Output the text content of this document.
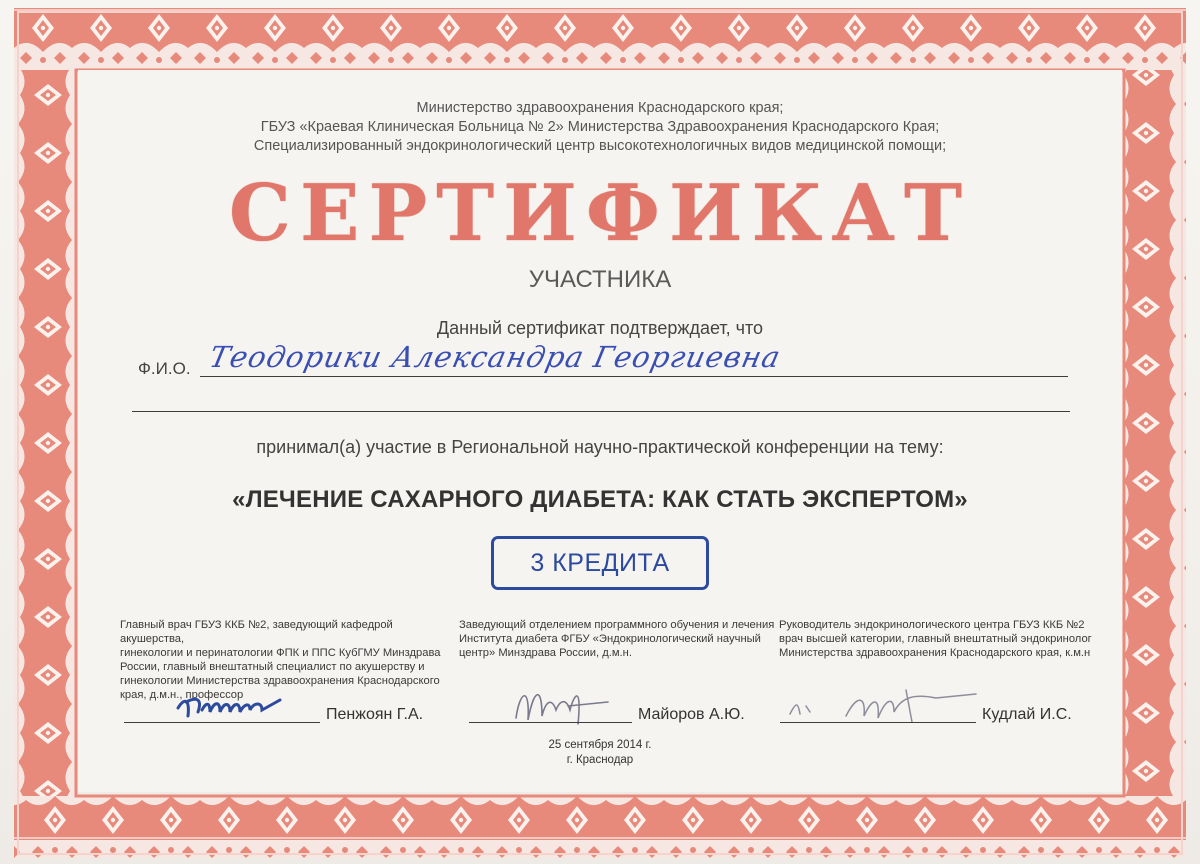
Министерство здравоохранения Краснодарского края;
ГБУЗ «Краевая Клиническая Больница № 2» Министерства Здравоохранения Краснодарского Края;
Специализированный эндокринологический центр высокотехнологичных видов медицинской помощи;
СЕРТИФИКАТ
УЧАСТНИКА
Данный сертификат подтверждает, что
Ф.И.О. Теодорики Александра Георгиевна
принимал(а) участие в Региональной научно-практической конференции на тему:
«ЛЕЧЕНИЕ САХАРНОГО ДИАБЕТА: КАК СТАТЬ ЭКСПЕРТОМ»
3 КРЕДИТА
Главный врач ГБУЗ ККБ №2, заведующий кафедрой акушерства,
гинекологии и перинатологии ФПК и ППС КубГМУ Минздрава
России, главный внештатный специалист по акушерству и
гинекологии Министерства здравоохранения Краснодарского
края, д.м.н., профессор
Пенжоян Г.А.
Заведующий отделением программного обучения и лечения
Института диабета ФГБУ «Эндокринологический научный
центр» Минздрава России, д.м.н.
Майоров А.Ю.
Руководитель эндокринологического центра ГБУЗ ККБ №2
врач высшей категории, главный внештатный эндокринолог
Министерства здравоохранения Краснодарского края, к.м.н
Кудлай И.С.
25 сентября 2014 г.
г. Краснодар
